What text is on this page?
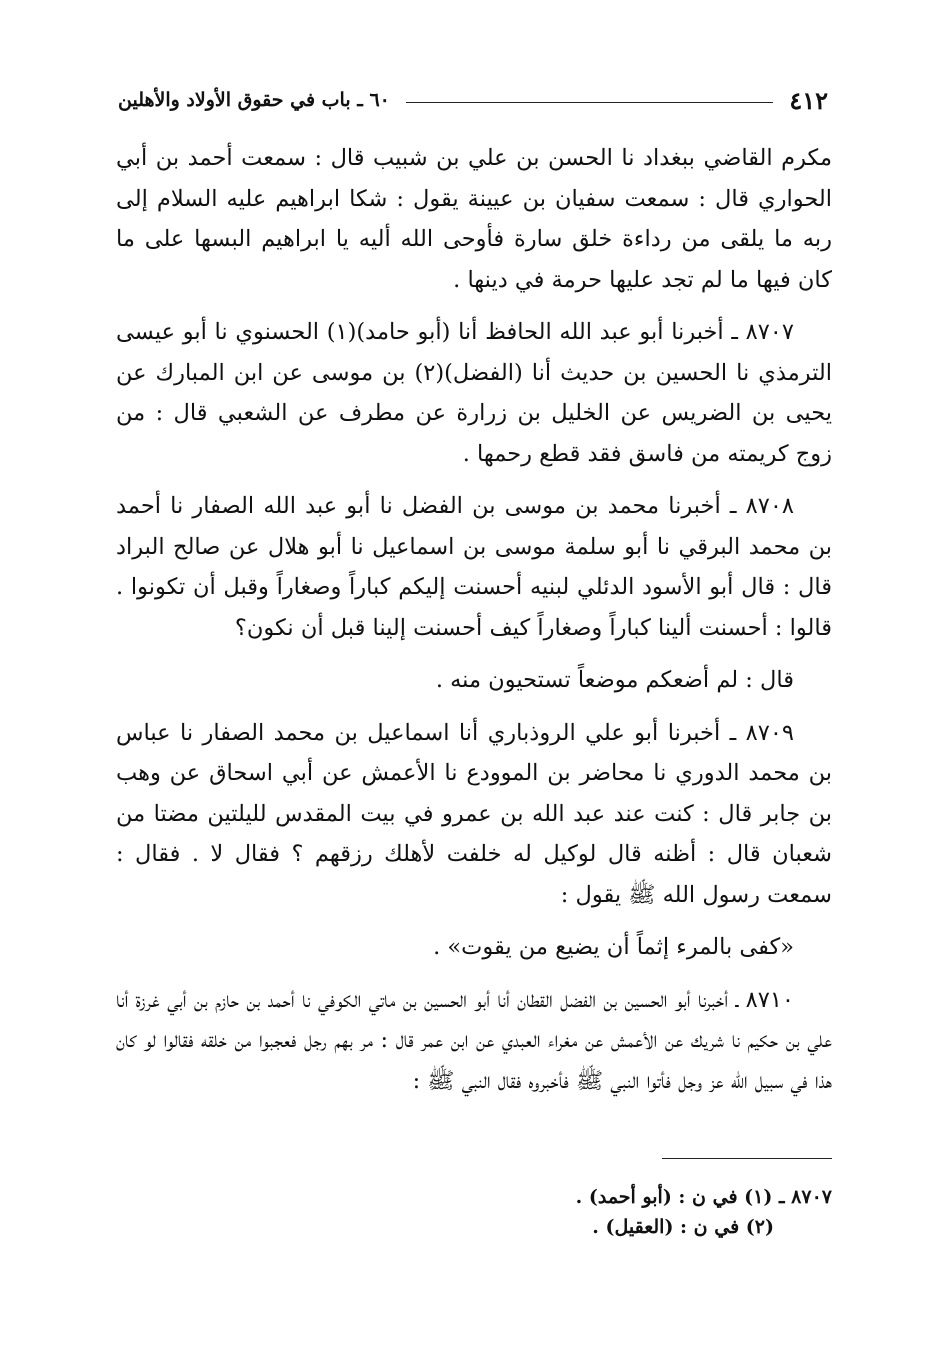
٤١٢
٦٠ ـ باب في حقوق الأولاد والأهلين

مكرم القاضي ببغداد نا الحسن بن علي بن شبيب قال : سمعت أحمد بن أبي الحواري قال : سمعت سفيان بن عيينة يقول : شكا ابراهيم عليه السلام إلى ربه ما يلقى من رداءة خلق سارة فأوحى الله أليه يا ابراهيم البسها على ما كان فيها ما لم تجد عليها حرمة في دينها .

٨٧٠٧ ـ أخبرنا أبو عبد الله الحافظ أنا (أبو حامد)(١) الحسنوي نا أبو عيسى الترمذي نا الحسين بن حديث أنا (الفضل)(٢) بن موسى عن ابن المبارك عن يحيى بن الضريس عن الخليل بن زرارة عن مطرف عن الشعبي قال : من زوج كريمته من فاسق فقد قطع رحمها .

٨٧٠٨ ـ أخبرنا محمد بن موسى بن الفضل نا أبو عبد الله الصفار نا أحمد بن محمد البرقي نا أبو سلمة موسى بن اسماعيل نا أبو هلال عن صالح البراد قال : قال أبو الأسود الدئلي لبنيه أحسنت إليكم كباراً وصغاراً وقبل أن تكونوا . قالوا : أحسنت ألينا كباراً وصغاراً كيف أحسنت إلينا قبل أن نكون؟

قال : لم أضعكم موضعاً تستحيون منه .

٨٧٠٩ ـ أخبرنا أبو علي الروذباري أنا اسماعيل بن محمد الصفار نا عباس بن محمد الدوري نا محاضر بن الموودع نا الأعمش عن أبي اسحاق عن وهب بن جابر قال : كنت عند عبد الله بن عمرو في بيت المقدس لليلتين مضتا من شعبان قال : أظنه قال لوكيل له خلفت لأهلك رزقهم ؟ فقال لا . فقال : سمعت رسول الله ﷺ يقول :

«كفى بالمرء إثماً أن يضيع من يقوت» .

٨٧١٠ ـ أخبرنا أبو الحسين بن الفضل القطان أنا أبو الحسين بن ماتي الكوفي نا أحمد بن حازم بن أبي غرزة أنا علي بن حكيم نا شريك عن الأعمش عن مغراء العبدي عن ابن عمر قال : مر بهم رجل فعجبوا من خلقه فقالوا لو كان هذا في سبيل الله عز وجل فأتوا النبي ﷺ فأخبروه فقال النبي ﷺ :

٨٧٠٧ ـ (١) في ن : (أبو أحمد) .
(٢) في ن : (العقيل) .
